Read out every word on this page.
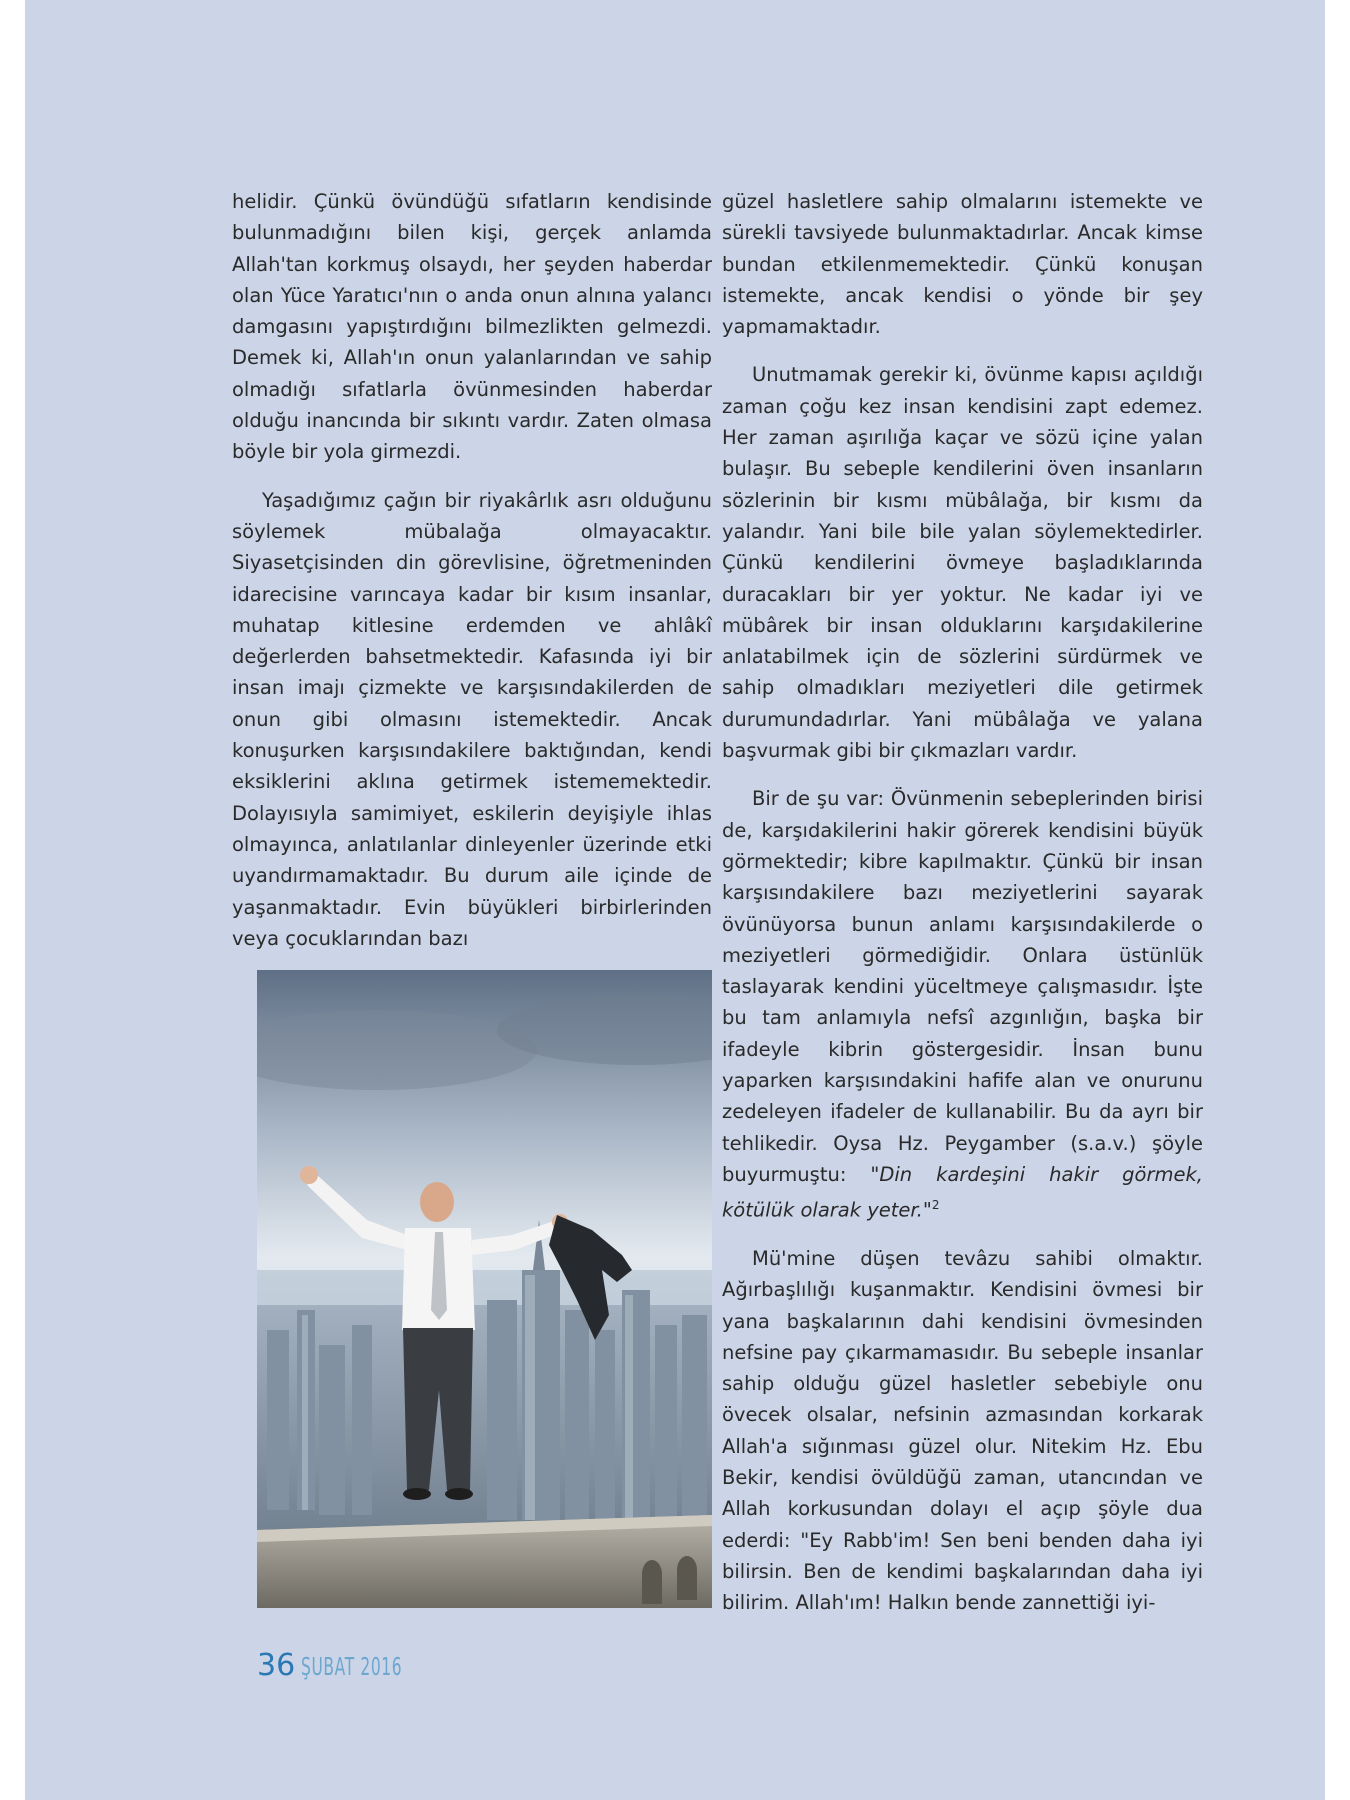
helidir. Çünkü övündüğü sıfatların kendisinde bulunmadığını bilen kişi, gerçek anlamda Allah'tan korkmuş olsaydı, her şeyden haberdar olan Yüce Yaratıcı'nın o anda onun alnına yalancı damgasını yapıştırdığını bilmezlikten gelmezdi. Demek ki, Allah'ın onun yalanlarından ve sahip olmadığı sıfatlarla övünmesinden haberdar olduğu inancında bir sıkıntı vardır. Zaten olmasa böyle bir yola girmezdi.

Yaşadığımız çağın bir riyakârlık asrı olduğunu söylemek mübalağa olmayacaktır. Siyasetçisinden din görevlisine, öğretmeninden idarecisine varıncaya kadar bir kısım insanlar, muhatap kitlesine erdemden ve ahlâkî değerlerden bahsetmektedir. Kafasında iyi bir insan imajı çizmekte ve karşısındakilerden de onun gibi olmasını istemektedir. Ancak konuşurken karşısındakilere baktığından, kendi eksiklerini aklına getirmek istememektedir. Dolayısıyla samimiyet, eskilerin deyişiyle ihlas olmayınca, anlatılanlar dinleyenler üzerinde etki uyandırmamaktadır. Bu durum aile içinde de yaşanmaktadır. Evin büyükleri birbirlerinden veya çocuklarından bazı

güzel hasletlere sahip olmalarını istemekte ve sürekli tavsiyede bulunmaktadırlar. Ancak kimse bundan etkilenmemektedir. Çünkü konuşan istemekte, ancak kendisi o yönde bir şey yapmamaktadır.

Unutmamak gerekir ki, övünme kapısı açıldığı zaman çoğu kez insan kendisini zapt edemez. Her zaman aşırılığa kaçar ve sözü içine yalan bulaşır. Bu sebeple kendilerini öven insanların sözlerinin bir kısmı mübâlağa, bir kısmı da yalandır. Yani bile bile yalan söylemektedirler. Çünkü kendilerini övmeye başladıklarında duracakları bir yer yoktur. Ne kadar iyi ve mübârek bir insan olduklarını karşıdakilerine anlatabilmek için de sözlerini sürdürmek ve sahip olmadıkları meziyetleri dile getirmek durumundadırlar. Yani mübâlağa ve yalana başvurmak gibi bir çıkmazları vardır.

Bir de şu var: Övünmenin sebeplerinden birisi de, karşıdakilerini hakir görerek kendisini büyük görmektedir; kibre kapılmaktır. Çünkü bir insan karşısındakilere bazı meziyetlerini sayarak övünüyorsa bunun anlamı karşısındakilerde o meziyetleri görmediğidir. Onlara üstünlük taslayarak kendini yüceltmeye çalışmasıdır. İşte bu tam anlamıyla nefsî azgınlığın, başka bir ifadeyle kibrin göstergesidir. İnsan bunu yaparken karşısındakini hafife alan ve onurunu zedeleyen ifadeler de kullanabilir. Bu da ayrı bir tehlikedir. Oysa Hz. Peygamber (s.a.v.) şöyle buyurmuştu: "Din kardeşini hakir görmek, kötülük olarak yeter."$^2$

Mü'mine düşen tevâzu sahibi olmaktır. Ağırbaşlılığı kuşanmaktır. Kendisini övmesi bir yana başkalarının dahi kendisini övmesinden nefsine pay çıkarmamasıdır. Bu sebeple insanlar sahip olduğu güzel hasletler sebebiyle onu övecek olsalar, nefsinin azmasından korkarak Allah'a sığınması güzel olur. Nitekim Hz. Ebu Bekir, kendisi övüldüğü zaman, utancından ve Allah korkusundan dolayı el açıp şöyle dua ederdi: "Ey Rabb'im! Sen beni benden daha iyi bilirsin. Ben de kendimi başkalarından daha iyi bilirim. Allah'ım! Halkın bende zannettiği iyi-

36 ŞUBAT 2016
